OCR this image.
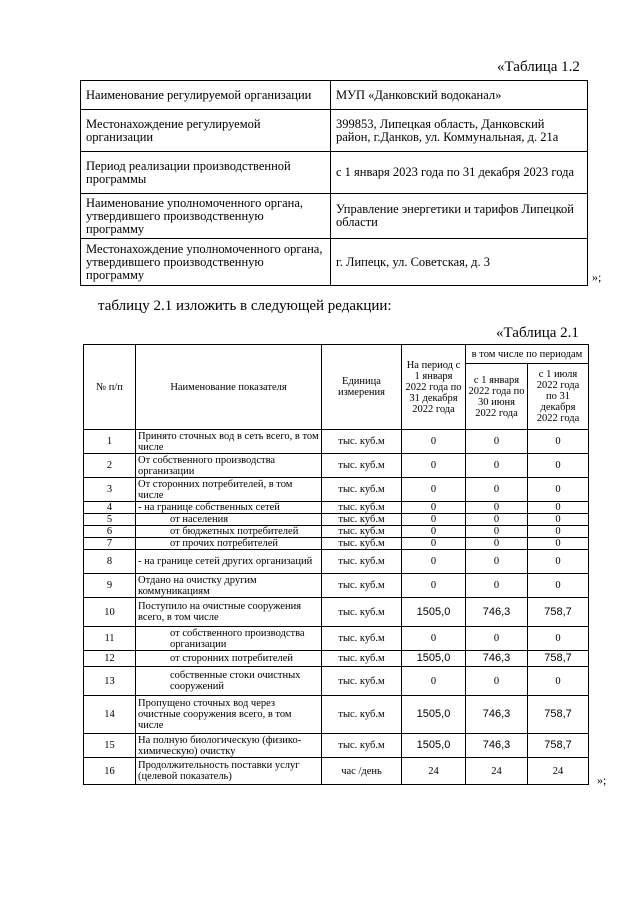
«Таблица 1.2
Наименование регулируемой организации	МУП «Данковский водоканал»
Местонахождение регулируемой организации	399853, Липецкая область, Данковский район, г.Данков, ул. Коммунальная, д. 21а
Период реализации производственной программы	с 1 января 2023 года по 31 декабря 2023 года
Наименование уполномоченного органа, утвердившего производственную программу	Управление энергетики и тарифов Липецкой области
Местонахождение уполномоченного органа, утвердившего производственную программу	г. Липецк, ул. Советская, д. 3
»;
таблицу 2.1 изложить в следующей редакции:
«Таблица 2.1
№ п/п	Наименование показателя	Единица измерения	На период с 1 января 2022 года по 31 декабря 2022 года	в том числе по периодам	
				с 1 января 2022 года по 30 июня 2022 года	с 1 июля 2022 года по 31 декабря 2022 года
1	Принято сточных вод в сеть всего, в том числе	тыс. куб.м	0	0	0
2	От собственного производства организации	тыс. куб.м	0	0	0
3	От сторонних потребителей, в том числе	тыс. куб.м	0	0	0
4	- на границе собственных сетей	тыс. куб.м	0	0	0
5	от населения	тыс. куб.м	0	0	0
6	от бюджетных потребителей	тыс. куб.м	0	0	0
7	от прочих потребителей	тыс. куб.м	0	0	0
8	- на границе сетей других организаций	тыс. куб.м	0	0	0
9	Отдано на очистку другим коммуникациям	тыс. куб.м	0	0	0
10	Поступило на очистные сооружения всего, в том числе	тыс. куб.м	1505,0	746,3	758,7
11	от собственного производства организации	тыс. куб.м	0	0	0
12	от сторонних потребителей	тыс. куб.м	1505,0	746,3	758,7
13	собственные стоки очистных сооружений	тыс. куб.м	0	0	0
14	Пропущено сточных вод через очистные сооружения всего, в том числе	тыс. куб.м	1505,0	746,3	758,7
15	На полную биологическую (физико-химическую) очистку	тыс. куб.м	1505,0	746,3	758,7
16	Продолжительность поставки услуг (целевой показатель)	час /день	24	24	24
»;
